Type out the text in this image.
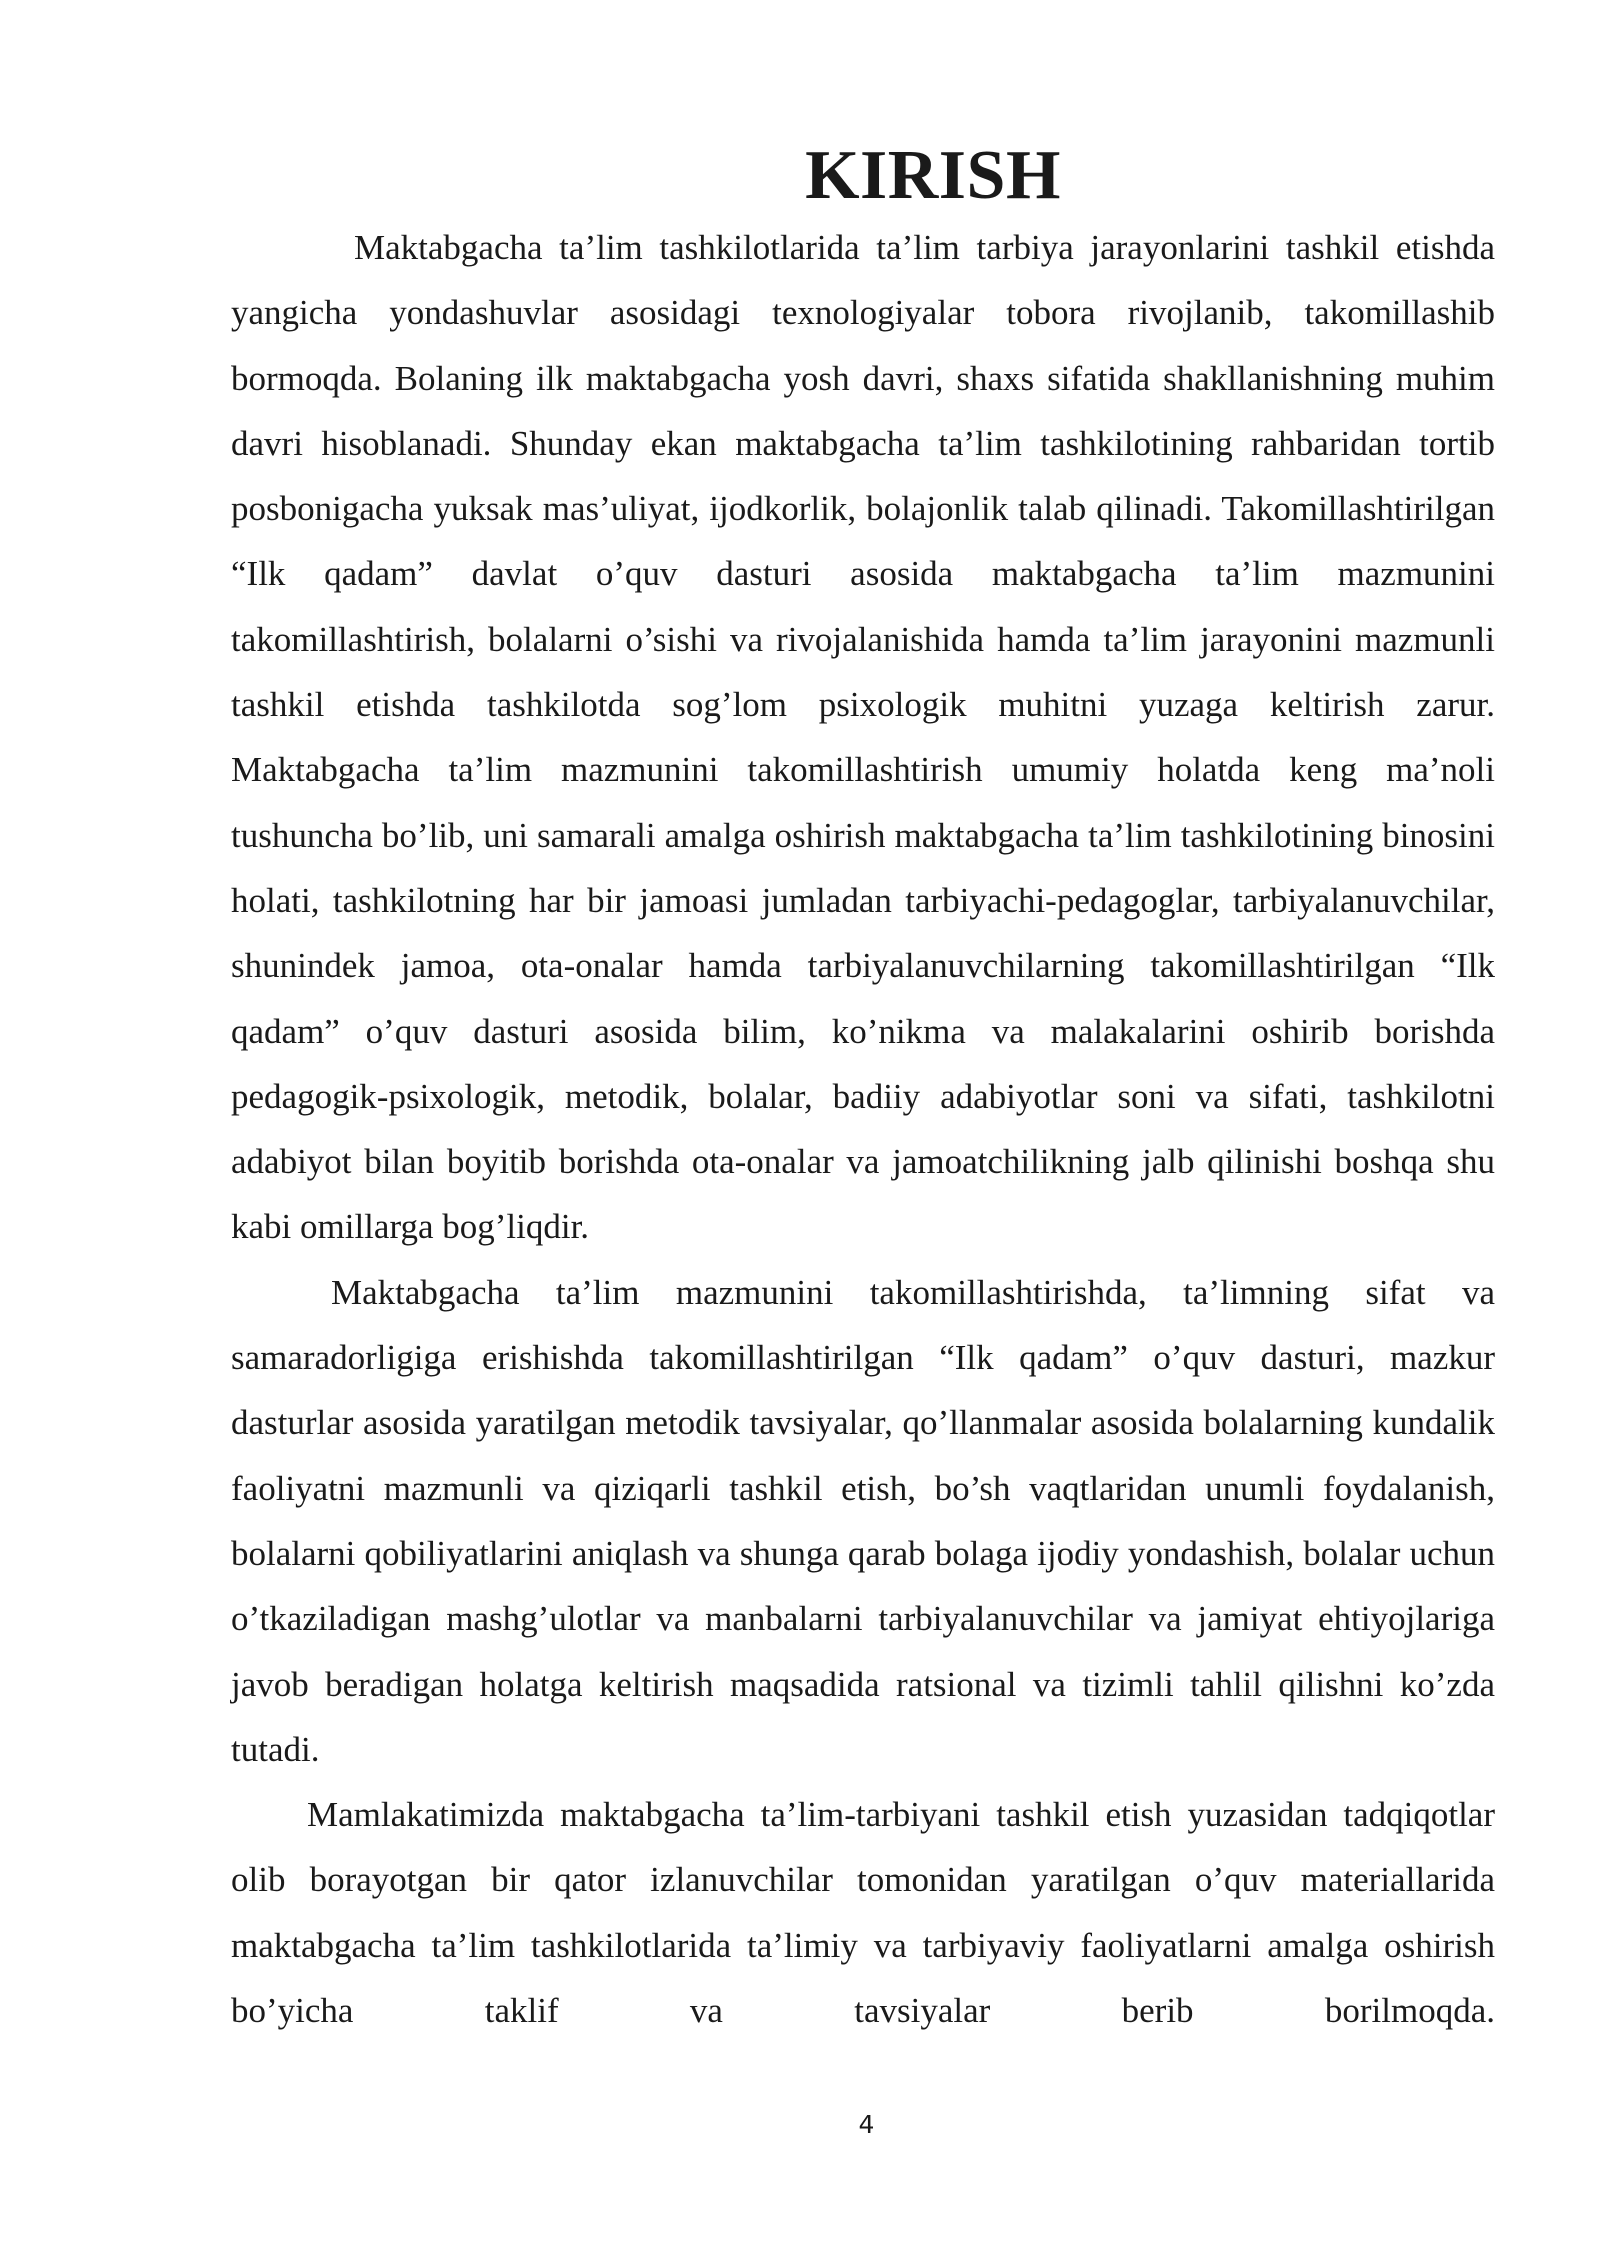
KIRISH

Maktabgacha ta’lim tashkilotlarida ta’lim tarbiya jarayonlarini tashkil etishda yangicha yondashuvlar asosidagi texnologiyalar tobora rivojlanib, takomillashib bormoqda. Bolaning ilk maktabgacha yosh davri, shaxs sifatida shakllanishning muhim davri hisoblanadi. Shunday ekan maktabgacha ta’lim tashkilotining rahbaridan tortib posbonigacha yuksak mas’uliyat, ijodkorlik, bolajonlik talab qilinadi. Takomillashtirilgan “Ilk qadam” davlat o’quv dasturi asosida maktabgacha ta’lim mazmunini takomillashtirish, bolalarni o’sishi va rivojalanishida hamda ta’lim jarayonini mazmunli tashkil etishda tashkilotda sog’lom psixologik muhitni yuzaga keltirish zarur. Maktabgacha ta’lim mazmunini takomillashtirish umumiy holatda keng ma’noli tushuncha bo’lib, uni samarali amalga oshirish maktabgacha ta’lim tashkilotining binosini holati, tashkilotning har bir jamoasi jumladan tarbiyachi-pedagoglar, tarbiyalanuvchilar, shunindek jamoa, ota-onalar hamda tarbiyalanuvchilarning takomillashtirilgan “Ilk qadam” o’quv dasturi asosida bilim, ko’nikma va malakalarini oshirib borishda pedagogik-psixologik, metodik, bolalar, badiiy adabiyotlar soni va sifati, tashkilotni adabiyot bilan boyitib borishda ota-onalar va jamoatchilikning jalb qilinishi boshqa shu kabi omillarga bog’liqdir.

Maktabgacha ta’lim mazmunini takomillashtirishda, ta’limning sifat va samaradorligiga erishishda takomillashtirilgan “Ilk qadam” o’quv dasturi, mazkur dasturlar asosida yaratilgan metodik tavsiyalar, qo’llanmalar asosida bolalarning kundalik faoliyatni mazmunli va qiziqarli tashkil etish, bo’sh vaqtlaridan unumli foydalanish, bolalarni qobiliyatlarini aniqlash va shunga qarab bolaga ijodiy yondashish, bolalar uchun o’tkaziladigan mashg’ulotlar va manbalarni tarbiyalanuvchilar va jamiyat ehtiyojlariga javob beradigan holatga keltirish maqsadida ratsional va tizimli tahlil qilishni ko’zda tutadi.

Mamlakatimizda maktabgacha ta’lim-tarbiyani tashkil etish yuzasidan tadqiqotlar olib borayotgan bir qator izlanuvchilar tomonidan yaratilgan o’quv materiallarida maktabgacha ta’lim tashkilotlarida ta’limiy va tarbiyaviy faoliyatlarni amalga oshirish bo’yicha taklif va tavsiyalar berib borilmoqda.

4
